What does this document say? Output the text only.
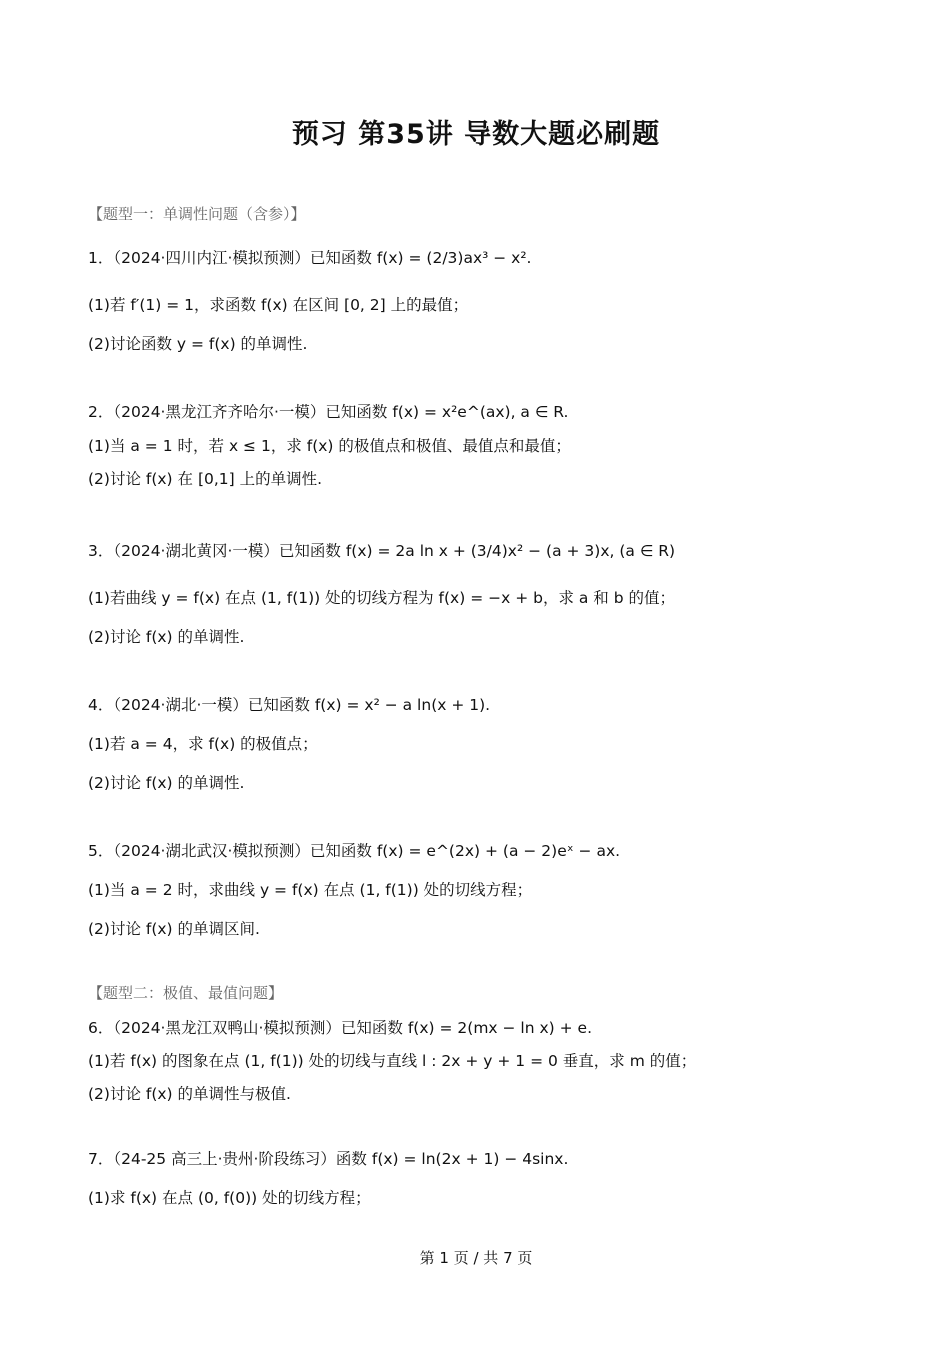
预习 第35讲 导数大题必刷题
【题型一：单调性问题（含参）】
1．（2024·四川内江·模拟预测）已知函数 f(x) = (2/3)ax³ − x².
(1)若 f′(1) = 1，求函数 f(x) 在区间 [0, 2] 上的最值；
(2)讨论函数 y = f(x) 的单调性.
2．（2024·黑龙江齐齐哈尔·一模）已知函数 f(x) = x²e^(ax), a ∈ R.
(1)当 a = 1 时，若 x ≤ 1，求 f(x) 的极值点和极值、最值点和最值；
(2)讨论 f(x) 在 [0,1] 上的单调性.
3．（2024·湖北黄冈·一模）已知函数 f(x) = 2a ln x + (3/4)x² − (a + 3)x, (a ∈ R)
(1)若曲线 y = f(x) 在点 (1, f(1)) 处的切线方程为 f(x) = −x + b，求 a 和 b 的值；
(2)讨论 f(x) 的单调性.
4．（2024·湖北·一模）已知函数 f(x) = x² − a ln(x + 1).
(1)若 a = 4，求 f(x) 的极值点；
(2)讨论 f(x) 的单调性.
5．（2024·湖北武汉·模拟预测）已知函数 f(x) = e^(2x) + (a − 2)eˣ − ax.
(1)当 a = 2 时，求曲线 y = f(x) 在点 (1, f(1)) 处的切线方程；
(2)讨论 f(x) 的单调区间.
【题型二：极值、最值问题】
6．（2024·黑龙江双鸭山·模拟预测）已知函数 f(x) = 2(mx − ln x) + e.
(1)若 f(x) 的图象在点 (1, f(1)) 处的切线与直线 l : 2x + y + 1 = 0 垂直，求 m 的值；
(2)讨论 f(x) 的单调性与极值.
7．（24-25 高三上·贵州·阶段练习）函数 f(x) = ln(2x + 1) − 4sinx.
(1)求 f(x) 在点 (0, f(0)) 处的切线方程；
第 1 页 / 共 7 页
